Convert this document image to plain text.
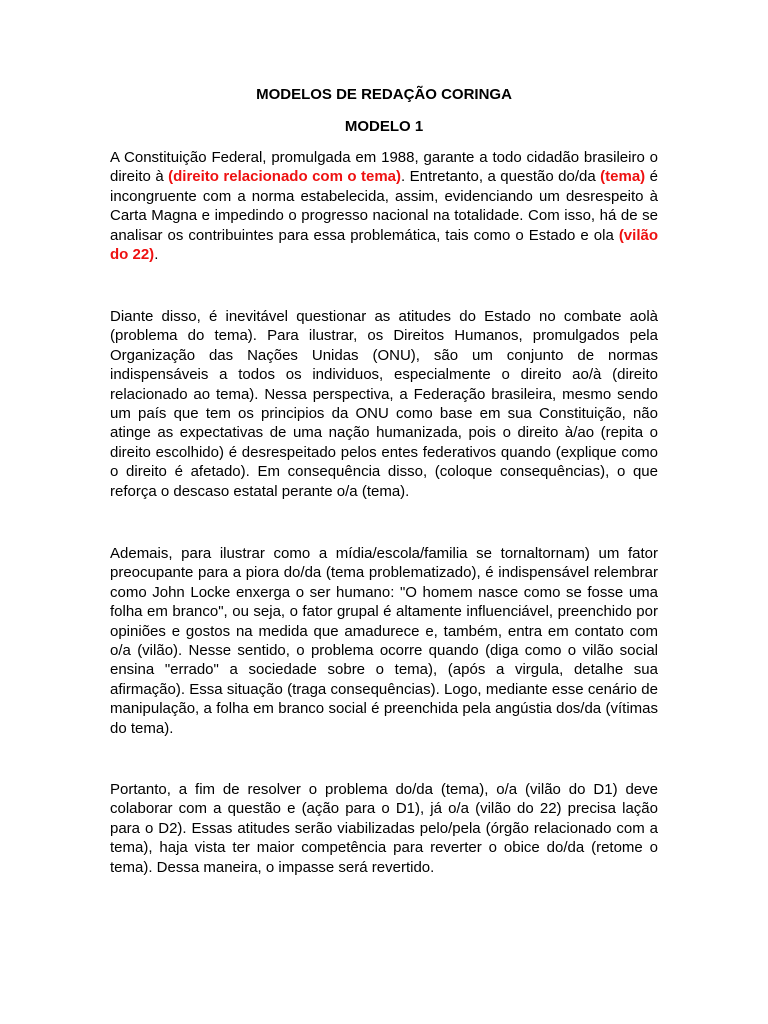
MODELOS DE REDAÇÃO CORINGA
MODELO 1

A Constituição Federal, promulgada em 1988, garante a todo cidadão brasileiro o direito à (direito relacionado com o tema). Entretanto, a questão do/da (tema) é incongruente com a norma estabelecida, assim, evidenciando um desrespeito à Carta Magna e impedindo o progresso nacional na totalidade. Com isso, há de se analisar os contribuintes para essa problemática, tais como o Estado e ola (vilão do 22).

Diante disso, é inevitável questionar as atitudes do Estado no combate aolà (problema do tema). Para ilustrar, os Direitos Humanos, promulgados pela Organização das Nações Unidas (ONU), são um conjunto de normas indispensáveis a todos os individuos, especialmente o direito ao/à (direito relacionado ao tema). Nessa perspectiva, a Federação brasileira, mesmo sendo um país que tem os principios da ONU como base em sua Constituição, não atinge as expectativas de uma nação humanizada, pois o direito à/ao (repita o direito escolhido) é desrespeitado pelos entes federativos quando (explique como o direito é afetado). Em consequência disso, (coloque consequências), o que reforça o descaso estatal perante o/a (tema).

Ademais, para ilustrar como a mídia/escola/familia se tornaltornam) um fator preocupante para a piora do/da (tema problematizado), é indispensável relembrar como John Locke enxerga o ser humano: "O homem nasce como se fosse uma folha em branco", ou seja, o fator grupal é altamente influenciável, preenchido por opiniões e gostos na medida que amadurece e, também, entra em contato com o/a (vilão). Nesse sentido, o problema ocorre quando (diga como o vilão social ensina "errado" a sociedade sobre o tema), (após a virgula, detalhe sua afirmação). Essa situação (traga consequências). Logo, mediante esse cenário de manipulação, a folha em branco social é preenchida pela angústia dos/da (vítimas do tema).

Portanto, a fim de resolver o problema do/da (tema), o/a (vilão do D1) deve colaborar com a questão e (ação para o D1), já o/a (vilão do 22) precisa lação para o D2). Essas atitudes serão viabilizadas pelo/pela (órgão relacionado com a tema), haja vista ter maior competência para reverter o obice do/da (retome o tema). Dessa maneira, o impasse será revertido.
